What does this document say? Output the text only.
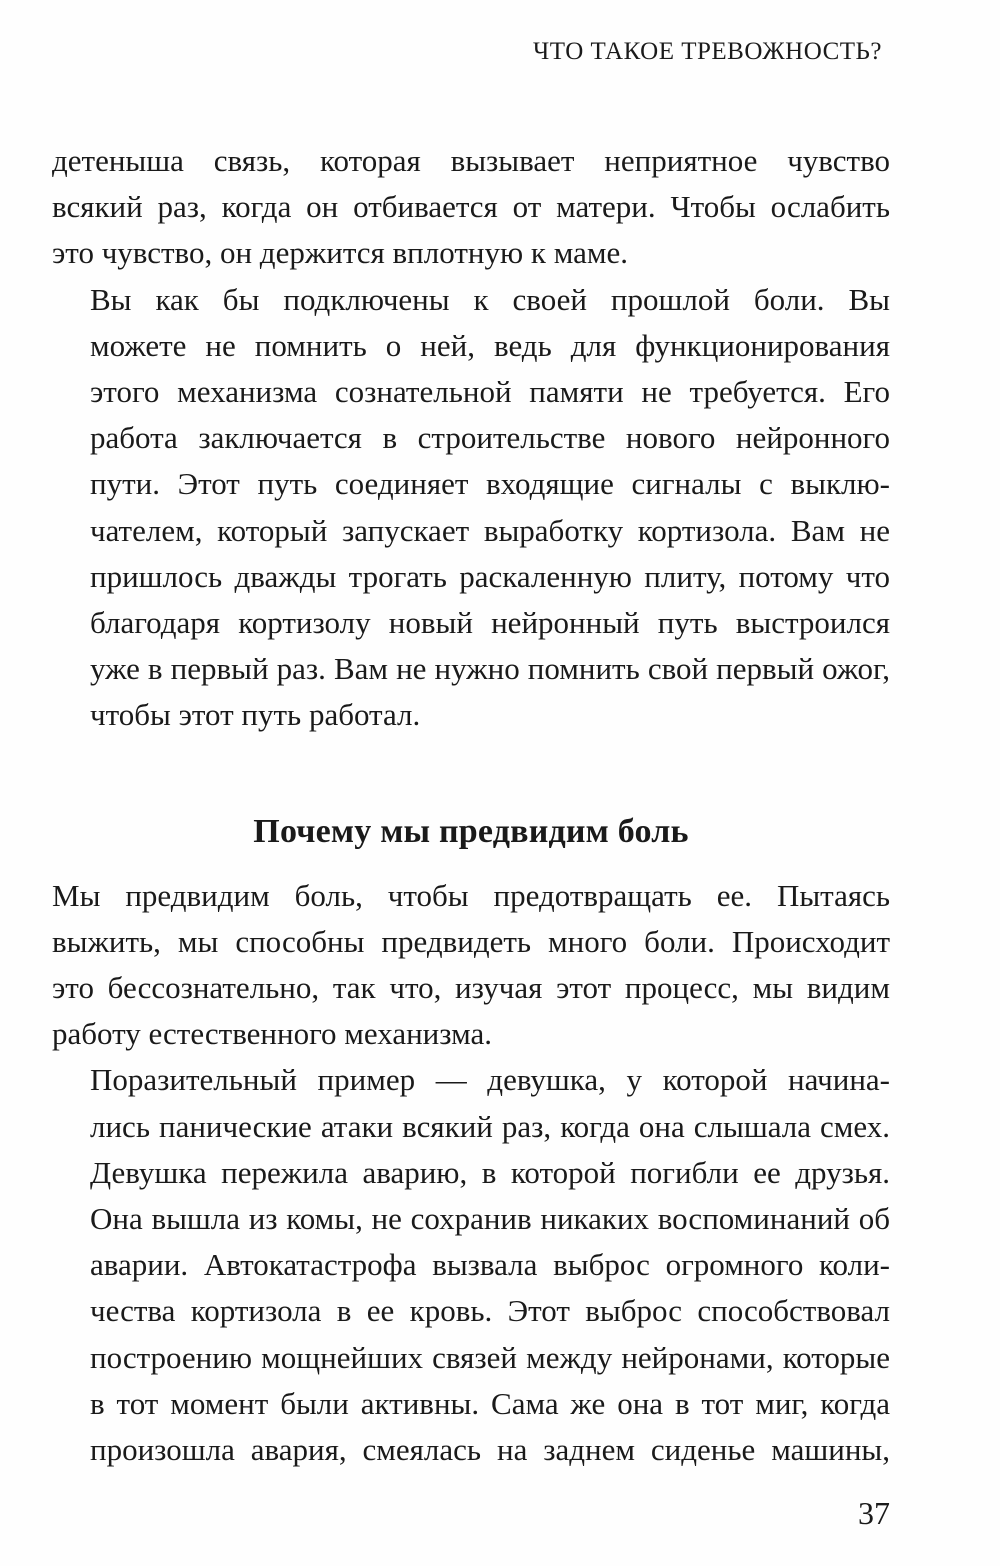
ЧТО ТАКОЕ ТРЕВОЖНОСТЬ?

детеныша связь, которая вызывает неприятное чувство
всякий раз, когда он отбивается от матери. Чтобы ослабить
это чувство, он держится вплотную к маме.

Вы как бы подключены к своей прошлой боли. Вы
можете не помнить о ней, ведь для функционирования
этого механизма сознательной памяти не требуется. Его
работа заключается в строительстве нового нейронного
пути. Этот путь соединяет входящие сигналы с выклю-
чателем, который запускает выработку кортизола. Вам не
пришлось дважды трогать раскаленную плиту, потому что
благодаря кортизолу новый нейронный путь выстроился
уже в первый раз. Вам не нужно помнить свой первый ожог,
чтобы этот путь работал.

Почему мы предвидим боль

Мы предвидим боль, чтобы предотвращать ее. Пытаясь
выжить, мы способны предвидеть много боли. Происходит
это бессознательно, так что, изучая этот процесс, мы видим
работу естественного механизма.

Поразительный пример — девушка, у которой начина-
лись панические атаки всякий раз, когда она слышала смех.
Девушка пережила аварию, в которой погибли ее друзья.
Она вышла из комы, не сохранив никаких воспоминаний об
аварии. Автокатастрофа вызвала выброс огромного коли-
чества кортизола в ее кровь. Этот выброс способствовал
построению мощнейших связей между нейронами, которые
в тот момент были активны. Сама же она в тот миг, когда
произошла авария, смеялась на заднем сиденье машины,

37
